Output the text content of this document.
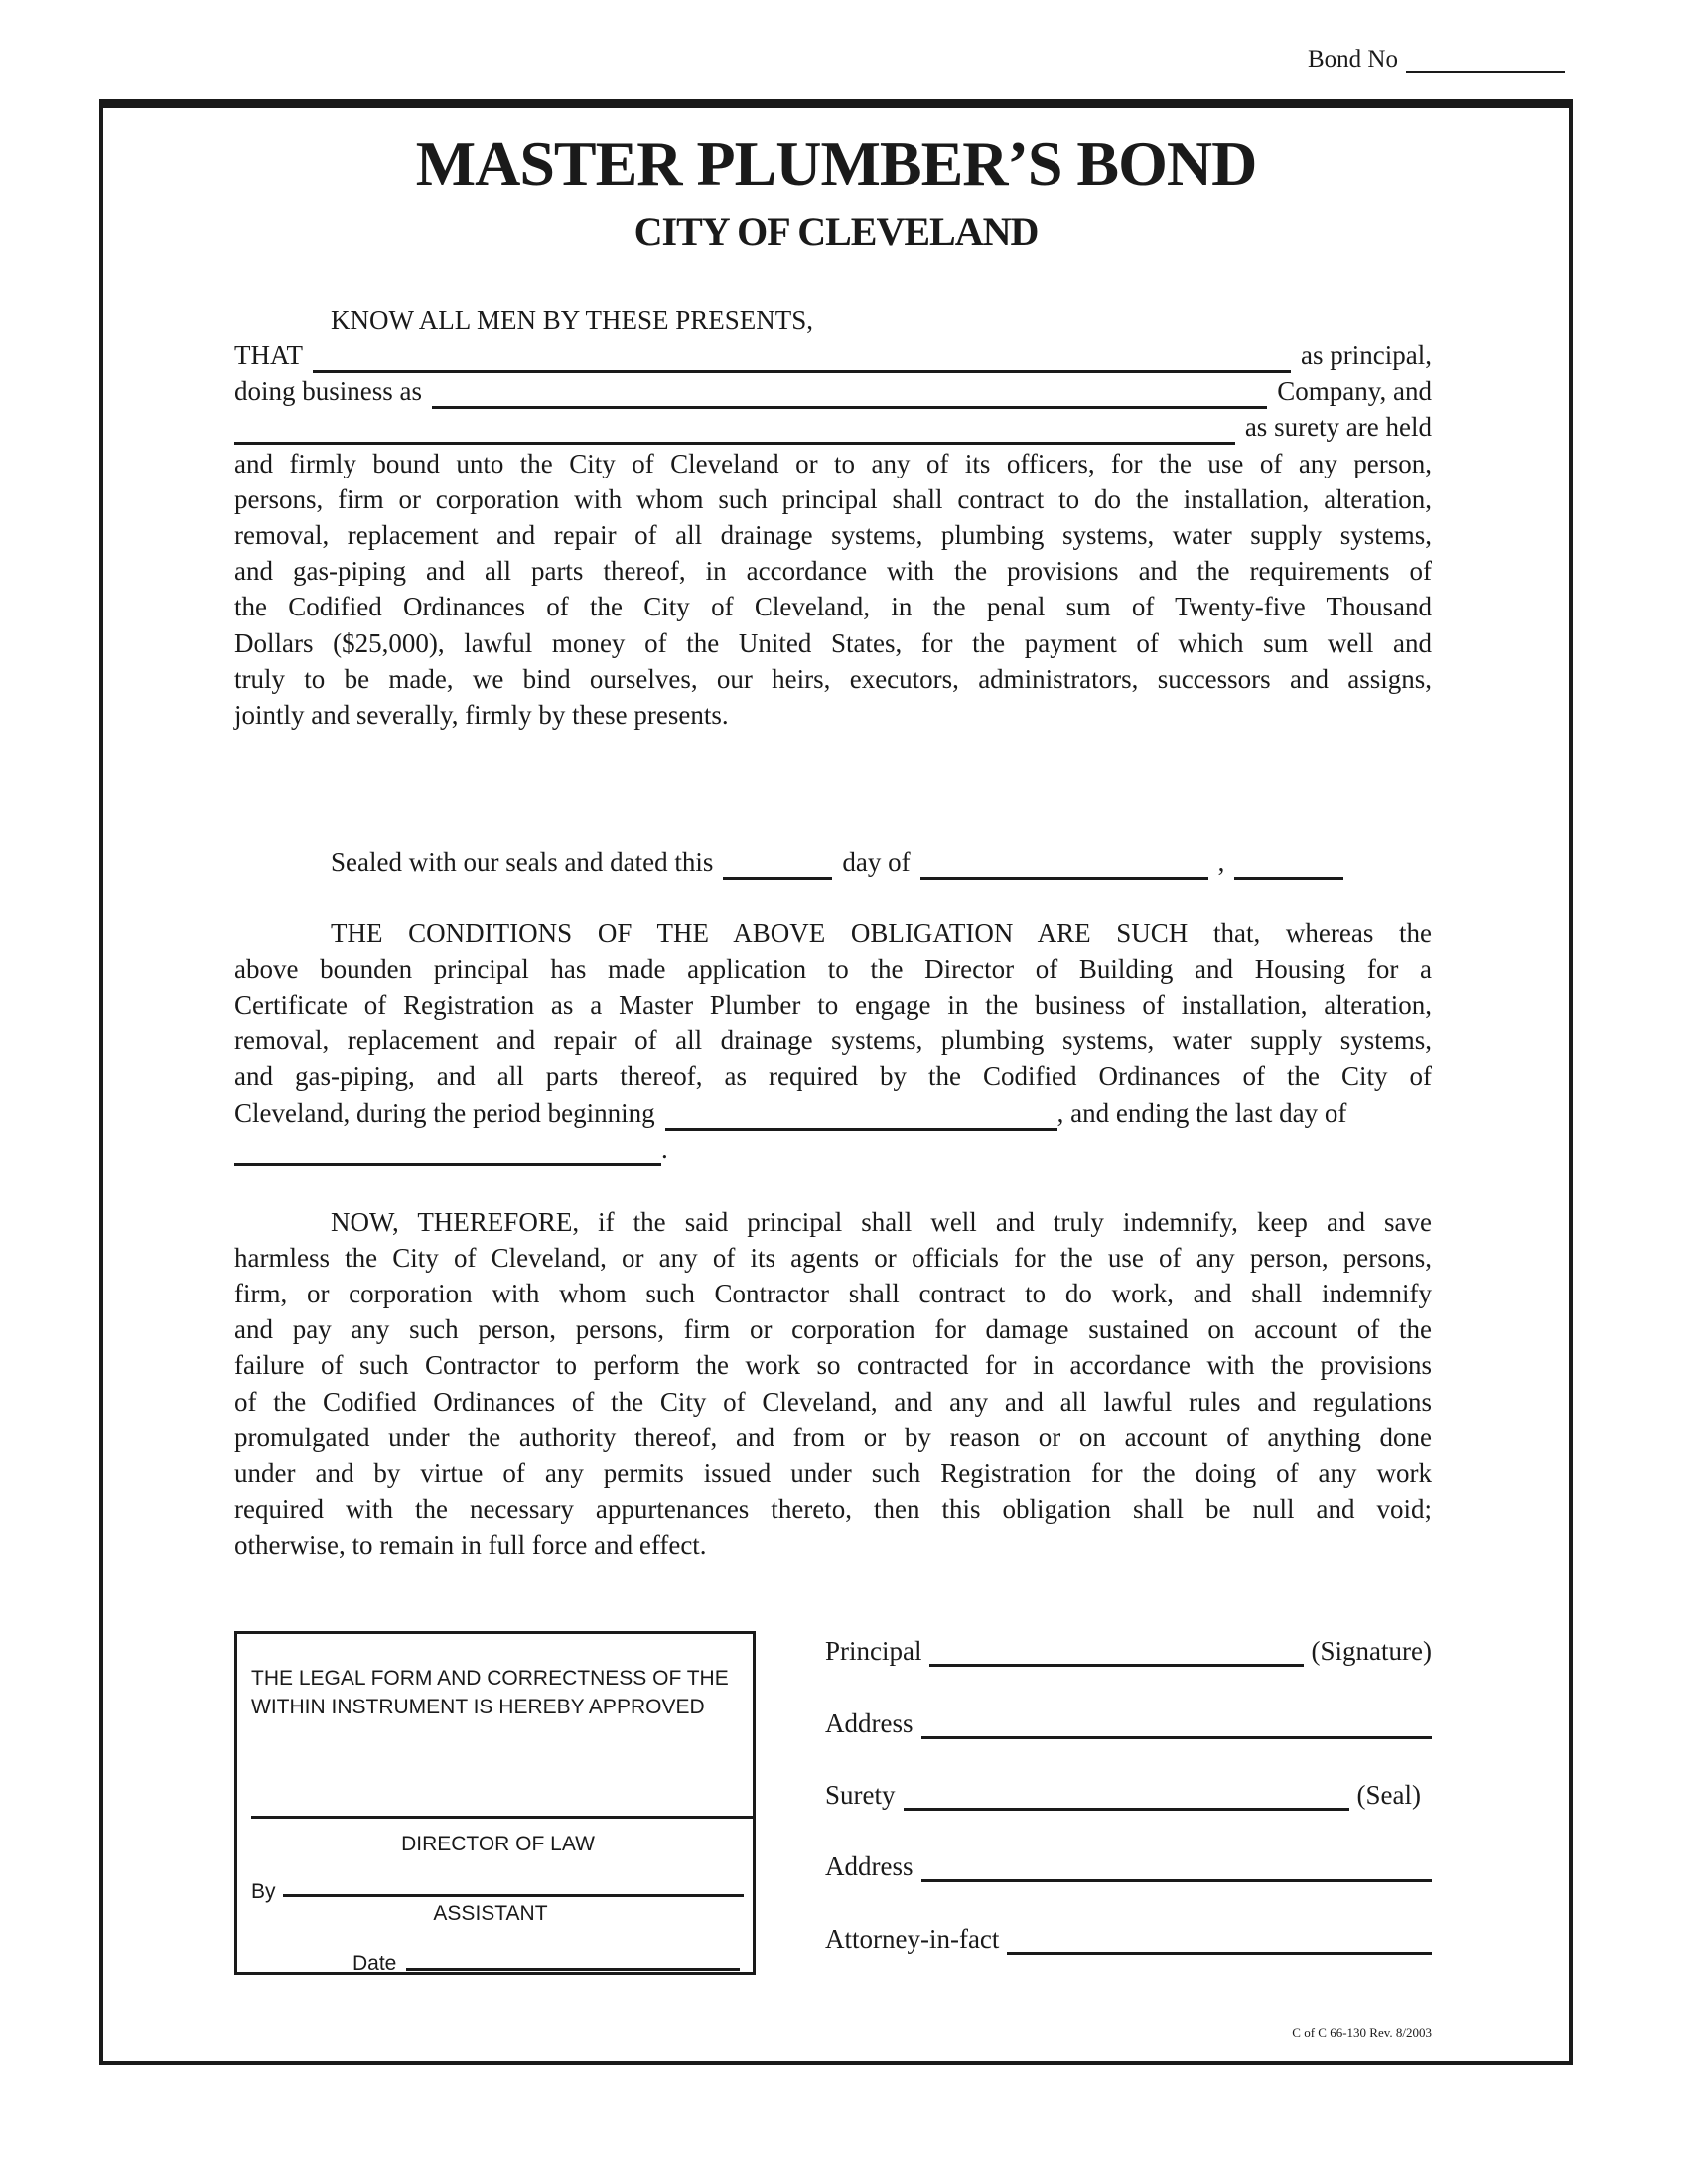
Bond No
MASTER PLUMBER’S BOND
CITY OF CLEVELAND
KNOW ALL MEN BY THESE PRESENTS,
THAT	as principal,
doing business as	Company, and
as surety are held
and firmly bound unto the City of Cleveland or to any of its officers, for the use of any person,
persons, firm or corporation with whom such principal shall contract to do the installation, alteration,
removal, replacement and repair of all drainage systems, plumbing systems, water supply systems,
and gas-piping and all parts thereof, in accordance with the provisions and the requirements of
the Codified Ordinances of the City of Cleveland, in the penal sum of Twenty-five Thousand
Dollars ($25,000), lawful money of the United States, for the payment of which sum well and
truly to be made, we bind ourselves, our heirs, executors, administrators, successors and assigns,
jointly and severally, firmly by these presents.
Sealed with our seals and dated this	day of	,
THE CONDITIONS OF THE ABOVE OBLIGATION ARE SUCH that, whereas the
above bounden principal has made application to the Director of Building and Housing for a
Certificate of Registration as a Master Plumber to engage in the business of installation, alteration,
removal, replacement and repair of all drainage systems, plumbing systems, water supply systems,
and gas-piping, and all parts thereof, as required by the Codified Ordinances of the City of
Cleveland, during the period beginning	, and ending the last day of
.
NOW, THEREFORE, if the said principal shall well and truly indemnify, keep and save
harmless the City of Cleveland, or any of its agents or officials for the use of any person, persons,
firm, or corporation with whom such Contractor shall contract to do work, and shall indemnify
and pay any such person, persons, firm or corporation for damage sustained on account of the
failure of such Contractor to perform the work so contracted for in accordance with the provisions
of the Codified Ordinances of the City of Cleveland, and any and all lawful rules and regulations
promulgated under the authority thereof, and from or by reason or on account of anything done
under and by virtue of any permits issued under such Registration for the doing of any work
required with the necessary appurtenances thereto, then this obligation shall be null and void;
otherwise, to remain in full force and effect.
THE LEGAL FORM AND CORRECTNESS OF THE WITHIN INSTRUMENT IS HEREBY APPROVED
DIRECTOR OF LAW
By
ASSISTANT
Date
Principal	(Signature)
Address
Surety	(Seal)
Address
Attorney-in-fact
C of C 66-130 Rev. 8/2003
